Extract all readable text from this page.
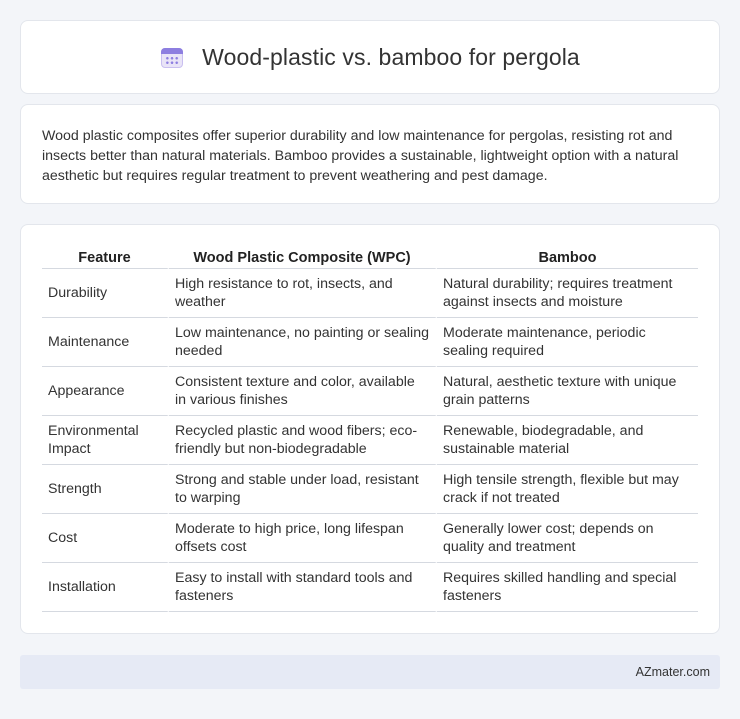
Wood-plastic vs. bamboo for pergola

Wood plastic composites offer superior durability and low maintenance for pergolas, resisting rot and insects better than natural materials. Bamboo provides a sustainable, lightweight option with a natural aesthetic but requires regular treatment to prevent weathering and pest damage.

Feature	Wood Plastic Composite (WPC)	Bamboo
Durability	High resistance to rot, insects, and weather	Natural durability; requires treatment against insects and moisture
Maintenance	Low maintenance, no painting or sealing needed	Moderate maintenance, periodic sealing required
Appearance	Consistent texture and color, available in various finishes	Natural, aesthetic texture with unique grain patterns
Environmental Impact	Recycled plastic and wood fibers; eco-friendly but non-biodegradable	Renewable, biodegradable, and sustainable material
Strength	Strong and stable under load, resistant to warping	High tensile strength, flexible but may crack if not treated
Cost	Moderate to high price, long lifespan offsets cost	Generally lower cost; depends on quality and treatment
Installation	Easy to install with standard tools and fasteners	Requires skilled handling and special fasteners
AZmater.com
